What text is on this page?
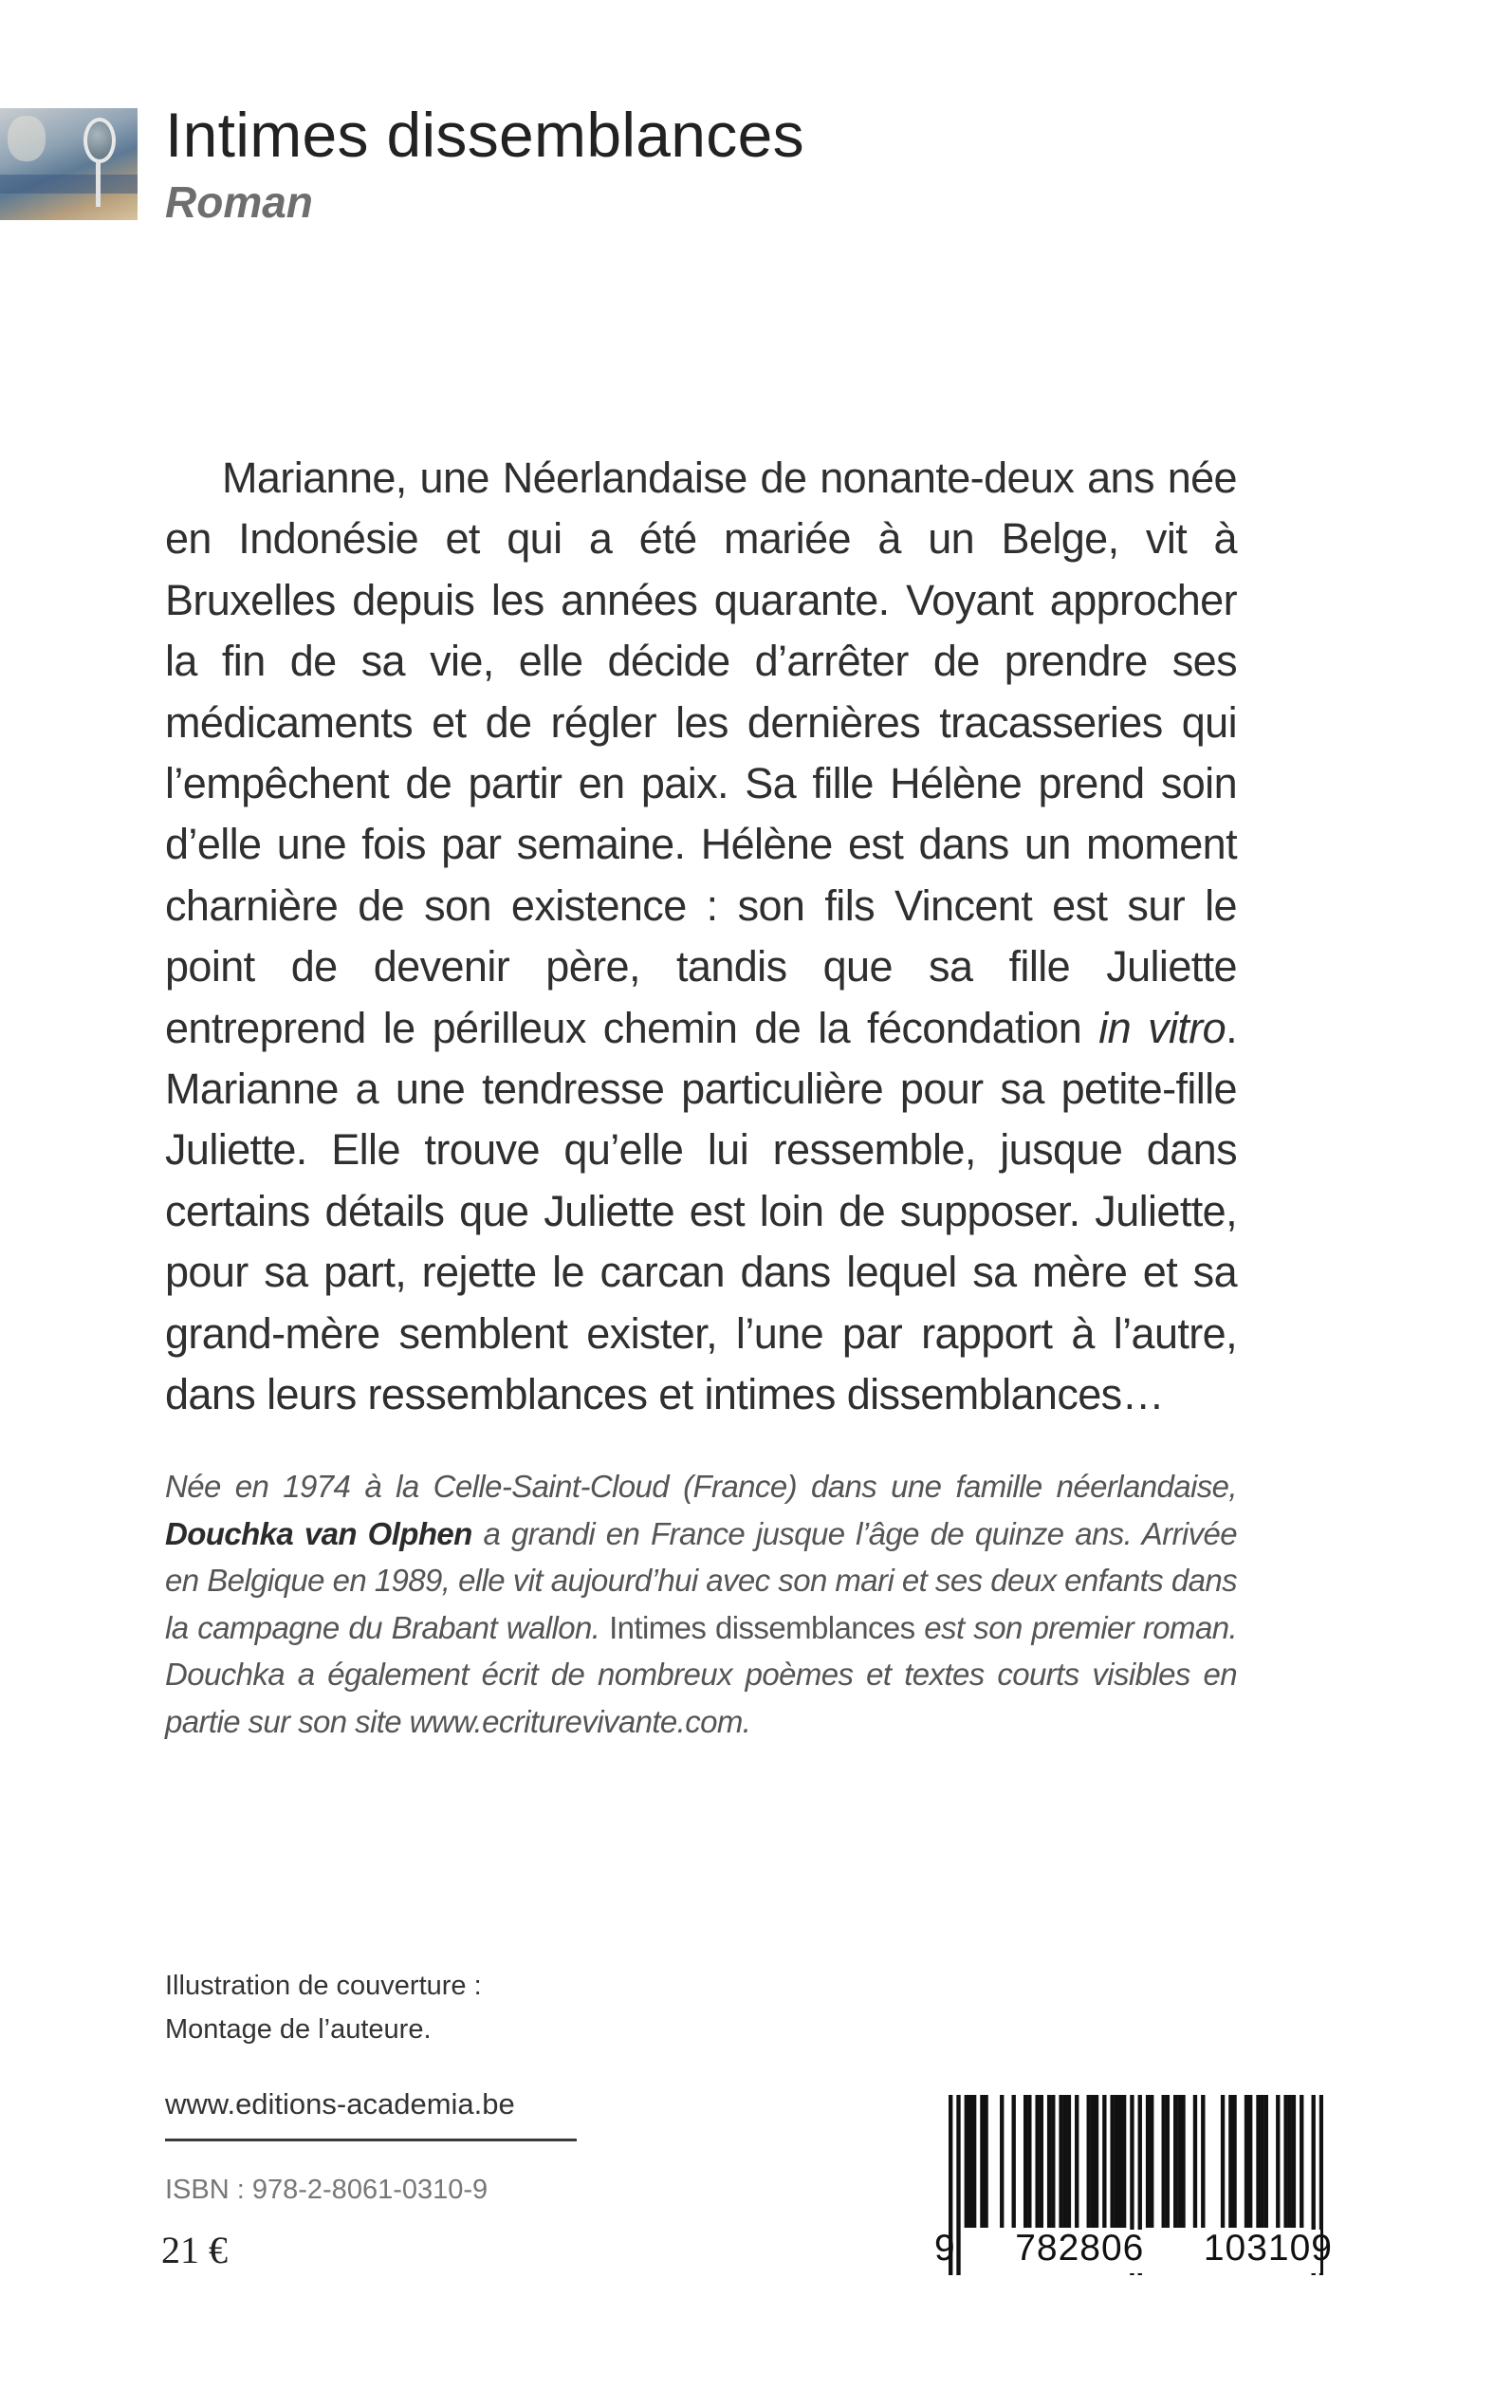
Intimes dissemblances
Roman

Marianne, une Néerlandaise de nonante-deux ans née en Indonésie et qui a été mariée à un Belge, vit à Bruxelles depuis les années quarante. Voyant approcher la fin de sa vie, elle décide d’arrêter de prendre ses médicaments et de régler les dernières tracasseries qui l’empêchent de partir en paix. Sa fille Hélène prend soin d’elle une fois par semaine. Hélène est dans un moment charnière de son existence : son fils Vincent est sur le point de devenir père, tandis que sa fille Juliette entreprend le périlleux chemin de la fécondation in vitro. Marianne a une tendresse particulière pour sa petite-fille Juliette. Elle trouve qu’elle lui ressemble, jusque dans certains détails que Juliette est loin de supposer. Juliette, pour sa part, rejette le carcan dans lequel sa mère et sa grand-mère semblent exister, l’une par rapport à l’autre, dans leurs ressemblances et intimes dissemblances…

Née en 1974 à la Celle-Saint-Cloud (France) dans une famille néerlandaise, Douchka van Olphen a grandi en France jusque l’âge de quinze ans. Arrivée en Belgique en 1989, elle vit aujourd’hui avec son mari et ses deux enfants dans la campagne du Brabant wallon. Intimes dissemblances est son premier roman. Douchka a également écrit de nombreux poèmes et textes courts visibles en partie sur son site www.ecriturevivante.com.

Illustration de couverture :
Montage de l’auteure.
www.editions-academia.be
ISBN : 978-2-8061-0310-9
21 €	9 782806 103109
